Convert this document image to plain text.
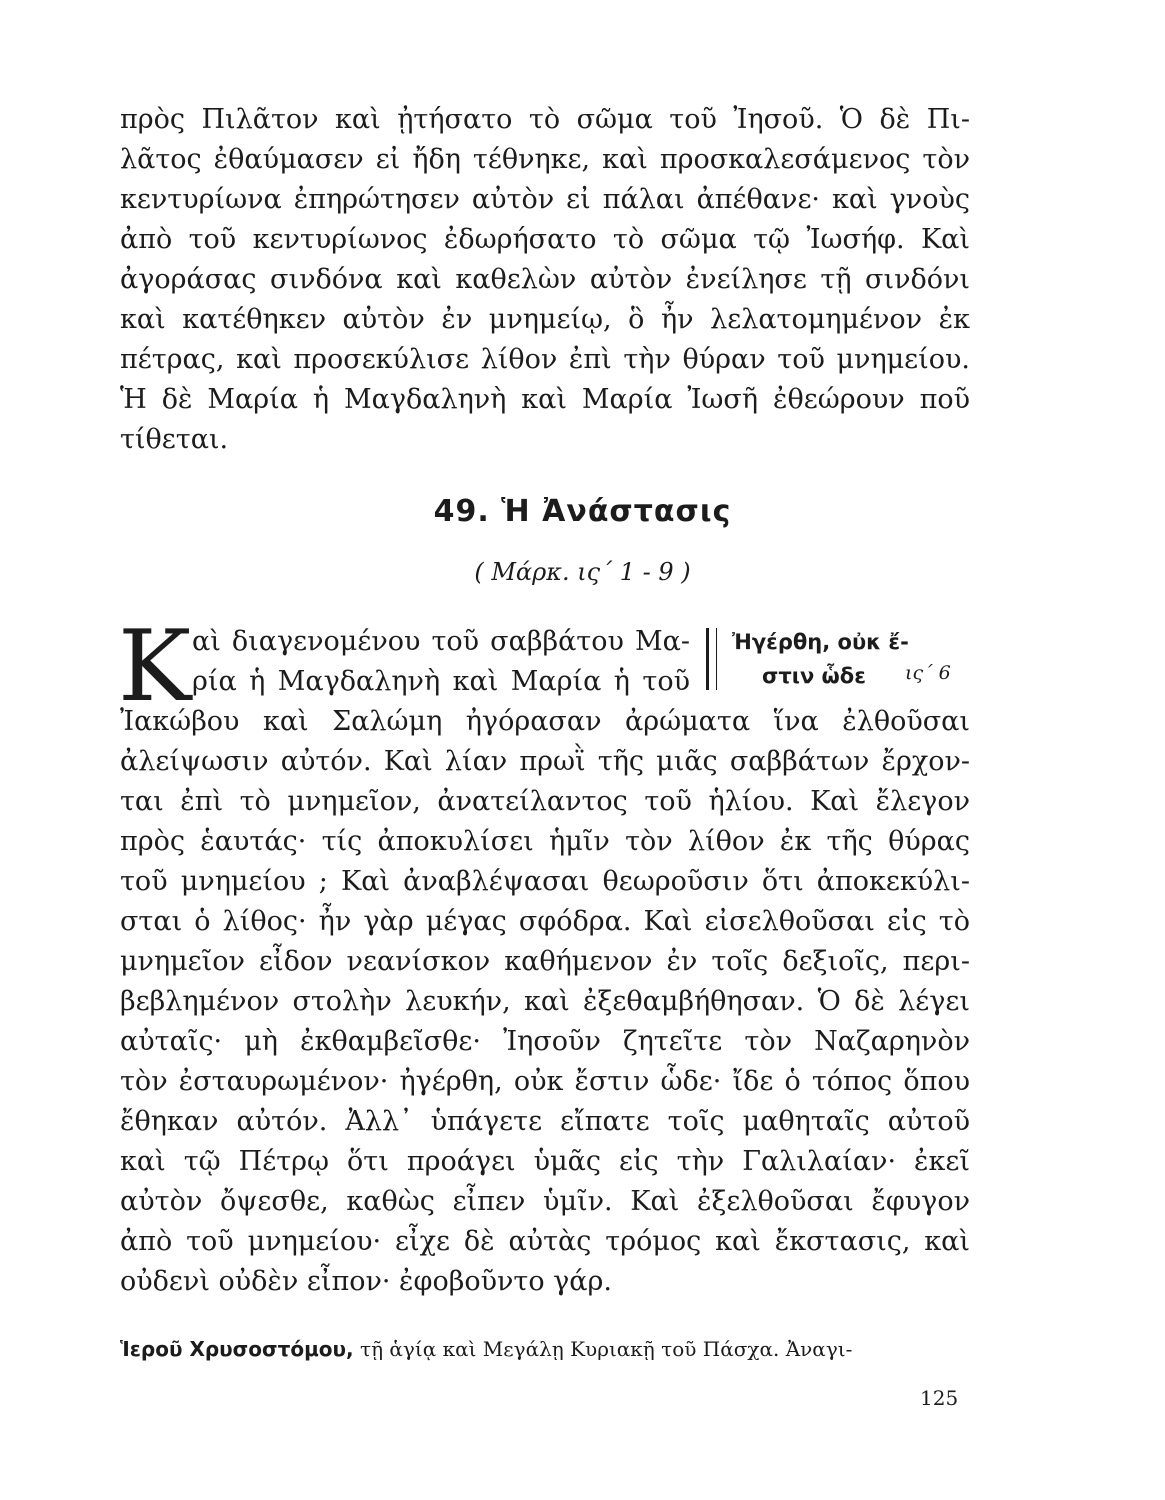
πρὸς Πιλᾶτον καὶ ᾐτήσατο τὸ σῶμα τοῦ Ἰησοῦ. Ὁ δὲ Πι-
λᾶτος ἐθαύμασεν εἰ ἤδη τέθνηκε, καὶ προσκαλεσάμενος τὸν
κεντυρίωνα ἐπηρώτησεν αὐτὸν εἰ πάλαι ἀπέθανε· καὶ γνοὺς
ἀπὸ τοῦ κεντυρίωνος ἐδωρήσατο τὸ σῶμα τῷ Ἰωσήφ. Καὶ
ἀγοράσας σινδόνα καὶ καθελὼν αὐτὸν ἐνείλησε τῇ σινδόνι
καὶ κατέθηκεν αὐτὸν ἐν μνημείῳ, ὃ ἦν λελατομημένον ἐκ
πέτρας, καὶ προσεκύλισε λίθον ἐπὶ τὴν θύραν τοῦ μνημείου.
Ἡ δὲ Μαρία ἡ Μαγδαληνὴ καὶ Μαρία Ἰωσῆ ἐθεώρουν ποῦ
τίθεται.
49. Ἡ Ἀνάστασις
( Μάρκ. ις΄ 1 - 9 )
Κ αὶ διαγενομένου τοῦ σαββάτου Μα-
ρία ἡ Μαγδαληνὴ καὶ Μαρία ἡ τοῦ
Ἠγέρθη, οὐκ ἔ-
στιν ὧδε ις΄ 6
Ἰακώβου καὶ Σαλώμη ἠγόρασαν ἀρώματα ἵνα ἐλθοῦσαι
ἀλείψωσιν αὐτόν. Καὶ λίαν πρωῒ τῆς μιᾶς σαββάτων ἔρχον-
ται ἐπὶ τὸ μνημεῖον, ἀνατείλαντος τοῦ ἡλίου. Καὶ ἔλεγον
πρὸς ἑαυτάς· τίς ἀποκυλίσει ἡμῖν τὸν λίθον ἐκ τῆς θύρας
τοῦ μνημείου ; Καὶ ἀναβλέψασαι θεωροῦσιν ὅτι ἀποκεκύλι-
σται ὁ λίθος· ἦν γὰρ μέγας σφόδρα. Καὶ εἰσελθοῦσαι εἰς τὸ
μνημεῖον εἶδον νεανίσκον καθήμενον ἐν τοῖς δεξιοῖς, περι-
βεβλημένον στολὴν λευκήν, καὶ ἐξεθαμβήθησαν. Ὁ δὲ λέγει
αὐταῖς· μὴ ἐκθαμβεῖσθε· Ἰησοῦν ζητεῖτε τὸν Ναζαρηνὸν
τὸν ἐσταυρωμένον· ἠγέρθη, οὐκ ἔστιν ὧδε· ἴδε ὁ τόπος ὅπου
ἔθηκαν αὐτόν. Ἀλλ᾽ ὑπάγετε εἴπατε τοῖς μαθηταῖς αὐτοῦ
καὶ τῷ Πέτρῳ ὅτι προάγει ὑμᾶς εἰς τὴν Γαλιλαίαν· ἐκεῖ
αὐτὸν ὄψεσθε, καθὼς εἶπεν ὑμῖν. Καὶ ἐξελθοῦσαι ἔφυγον
ἀπὸ τοῦ μνημείου· εἶχε δὲ αὐτὰς τρόμος καὶ ἔκστασις, καὶ
οὐδενὶ οὐδὲν εἶπον· ἐφοβοῦντο γάρ.
Ἱεροῦ Χρυσοστόμου, τῇ ἁγίᾳ καὶ Μεγάλῃ Κυριακῇ τοῦ Πάσχα. Ἀναγι-
125
